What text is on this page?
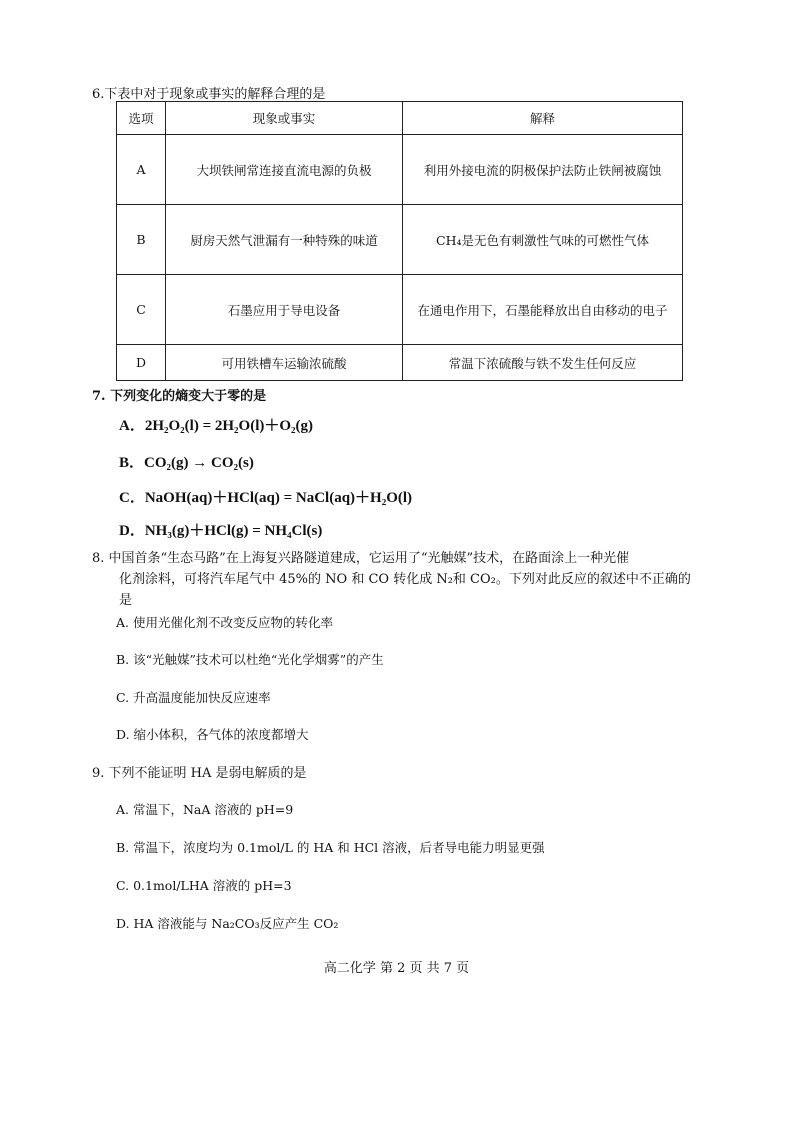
6.下表中对于现象或事实的解释合理的是
选项	现象或事实	解释
A	大坝铁闸常连接直流电源的负极	利用外接电流的阴极保护法防止铁闸被腐蚀
B	厨房天然气泄漏有一种特殊的味道	CH₄是无色有刺激性气味的可燃性气体
C	石墨应用于导电设备	在通电作用下，石墨能释放出自由移动的电子
D	可用铁槽车运输浓硫酸	常温下浓硫酸与铁不发生任何反应
7. 下列变化的熵变大于零的是
A．2H₂O₂(l) = 2H₂O(l)＋O₂(g)
B．CO₂(g) → CO₂(s)
C．NaOH(aq)＋HCl(aq) = NaCl(aq)＋H₂O(l)
D．NH₃(g)＋HCl(g) = NH₄Cl(s)
8. 中国首条“生态马路”在上海复兴路隧道建成，它运用了“光触媒”技术，在路面涂上一种光催
化剂涂料，可将汽车尾气中 45%的 NO 和 CO 转化成 N₂和 CO₂。下列对此反应的叙述中不正确的
是
A. 使用光催化剂不改变反应物的转化率
B. 该“光触媒”技术可以杜绝“光化学烟雾”的产生
C. 升高温度能加快反应速率
D. 缩小体积，各气体的浓度都增大
9. 下列不能证明 HA 是弱电解质的是
A. 常温下，NaA 溶液的 pH=9
B. 常温下，浓度均为 0.1mol/L 的 HA 和 HCl 溶液，后者导电能力明显更强
C. 0.1mol/LHA 溶液的 pH=3
D. HA 溶液能与 Na₂CO₃反应产生 CO₂
高二化学 第 2 页 共 7 页
